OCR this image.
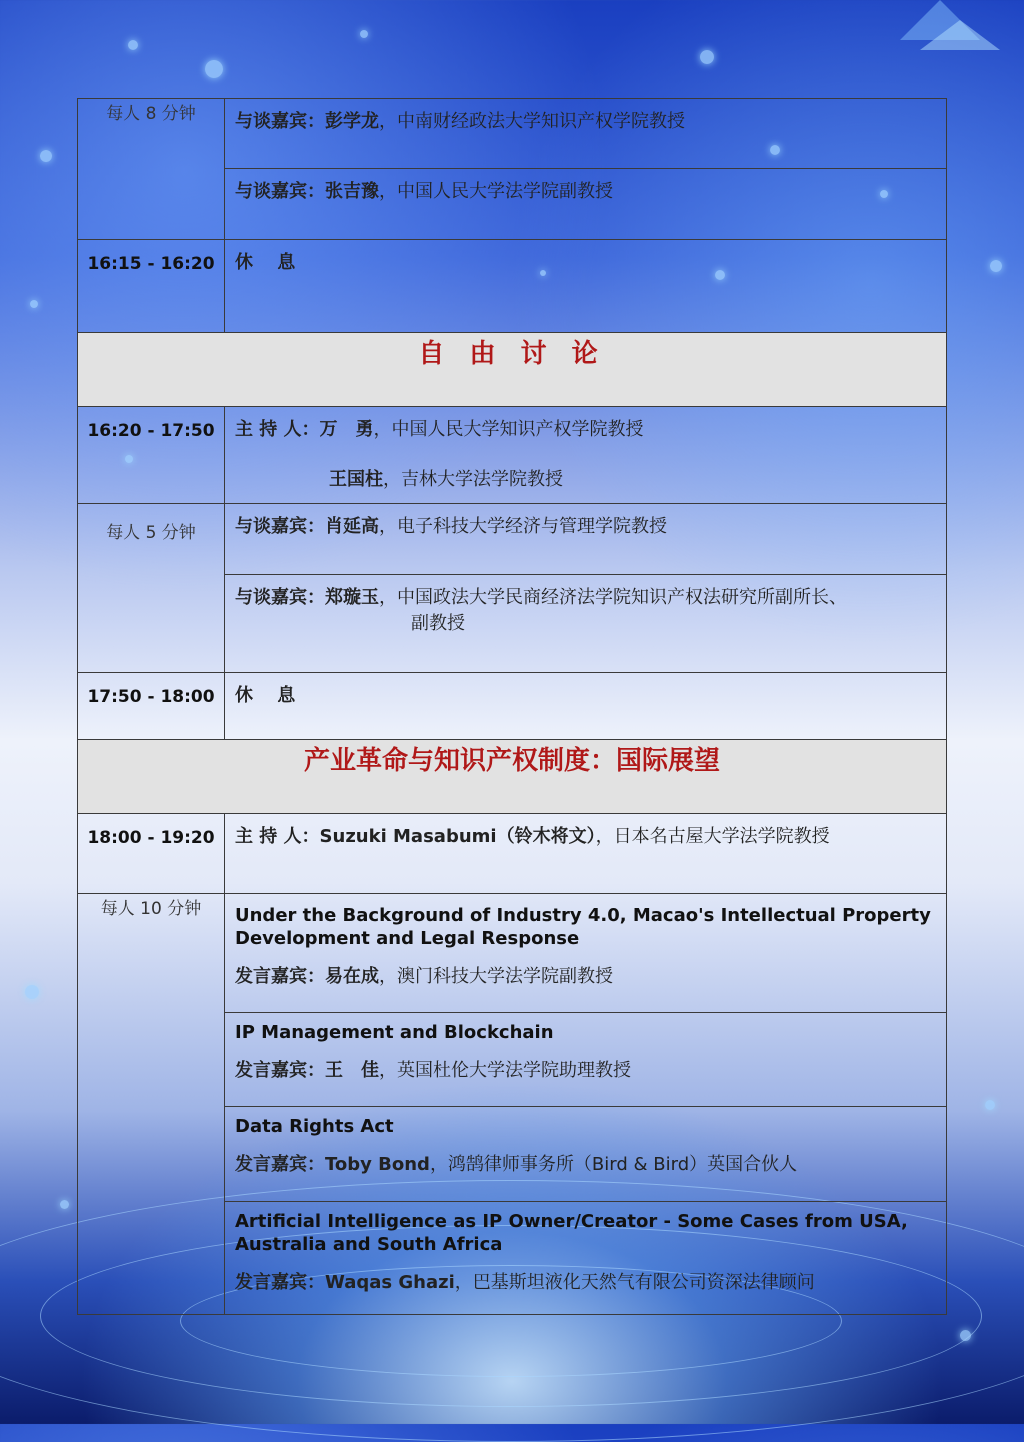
每人 8 分钟	与谈嘉宾：彭学龙，中南财经政法大学知识产权学院教授

	与谈嘉宾：张吉豫，中国人民大学法学院副教授

16:15 - 16:20	休　 息

自 由 讨 论	
16:20 - 17:50	主 持 人：万　勇，中国人民大学知识产权学院教授
王国柱，吉林大学法学院教授

每人 5 分钟	与谈嘉宾：肖延高，电子科技大学经济与管理学院教授

	与谈嘉宾：郑璇玉，中国政法大学民商经济法学院知识产权法研究所副所长、
副教授

17:50 - 18:00	休　 息

产业革命与知识产权制度：国际展望	
18:00 - 19:20	主 持 人：Suzuki Masabumi（铃木将文），日本名古屋大学法学院教授

每人 10 分钟	Under the Background of Industry 4.0, Macao's Intellectual Property Development and Legal Response
发言嘉宾：易在成，澳门科技大学法学院副教授

	IP Management and Blockchain
发言嘉宾：王　佳，英国杜伦大学法学院助理教授

	Data Rights Act
发言嘉宾：Toby Bond，鸿鹄律师事务所（Bird & Bird）英国合伙人

	Artificial Intelligence as IP Owner/Creator - Some Cases from USA, Australia and South Africa
发言嘉宾：Waqas Ghazi，巴基斯坦液化天然气有限公司资深法律顾问
